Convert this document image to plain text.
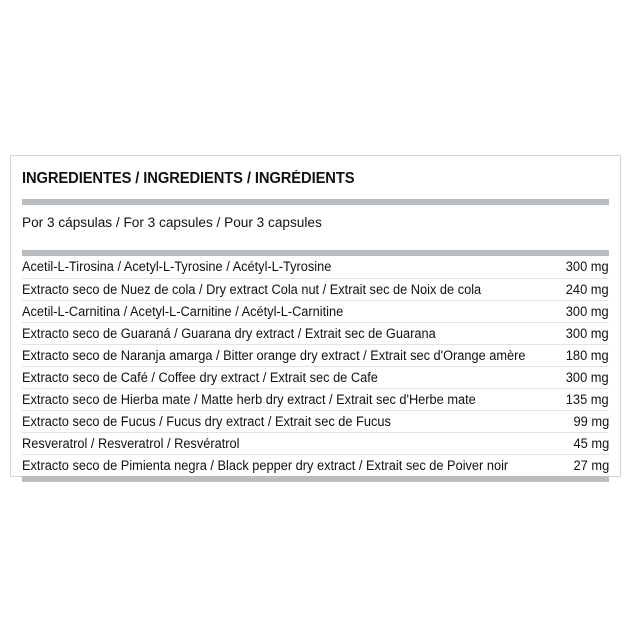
INGREDIENTES / INGREDIENTS / INGRÉDIENTS
Por 3 cápsulas / For 3 capsules / Pour 3 capsules
Acetil-L-Tirosina / Acetyl-L-Tyrosine / Acétyl-L-Tyrosine	300 mg
Extracto seco de Nuez de cola / Dry extract Cola nut / Extrait sec de Noix de cola	240 mg
Acetil-L-Carnitina / Acetyl-L-Carnitine / Acétyl-L-Carnitine	300 mg
Extracto seco de Guaraná / Guarana dry extract / Extrait sec de Guarana	300 mg
Extracto seco de Naranja amarga / Bitter orange dry extract / Extrait sec d'Orange amère	180 mg
Extracto seco de Café / Coffee dry extract / Extrait sec de Cafe	300 mg
Extracto seco de Hierba mate / Matte herb dry extract / Extrait sec d'Herbe mate	135 mg
Extracto seco de Fucus / Fucus dry extract / Extrait sec de Fucus	99 mg
Resveratrol / Resveratrol / Resvératrol	45 mg
Extracto seco de Pimienta negra / Black pepper dry extract / Extrait sec de Poiver noir	27 mg
